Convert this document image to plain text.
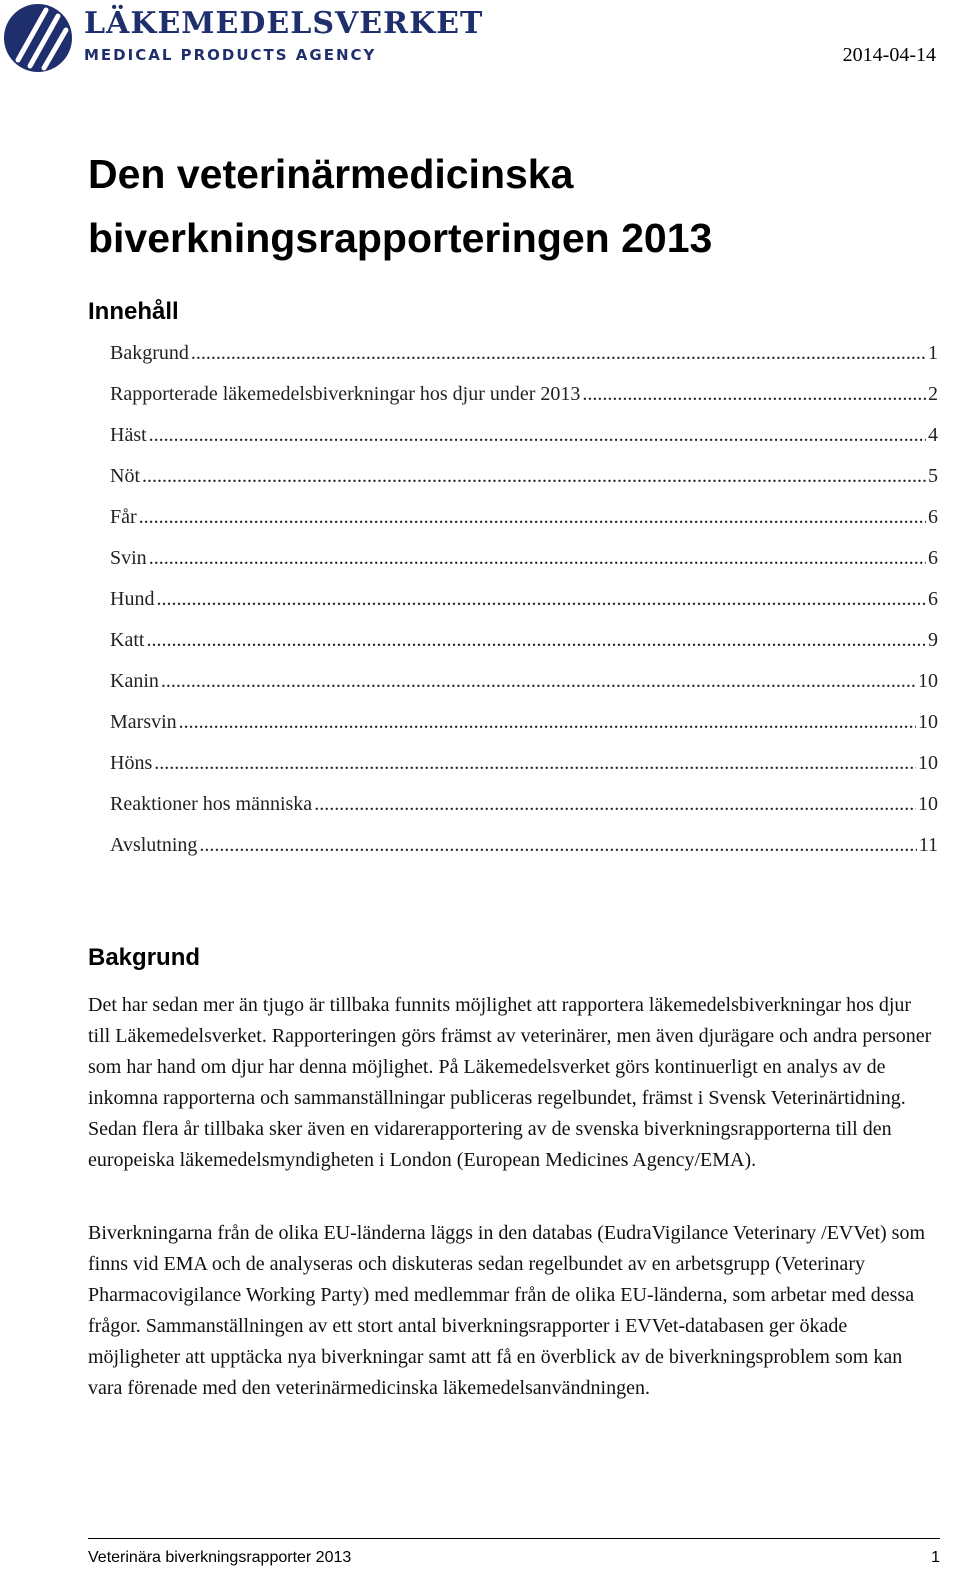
LÄKEMEDELSVERKET
MEDICAL PRODUCTS AGENCY	2014-04-14
Den veterinärmedicinska biverkningsrapporteringen 2013
Innehåll
Bakgrund .....	1
Rapporterade läkemedelsbiverkningar hos djur under 2013 .....	2
Häst .....	4
Nöt .....	5
Får .....	6
Svin .....	6
Hund .....	6
Katt .....	9
Kanin .....	10
Marsvin .....	10
Höns .....	10
Reaktioner hos människa .....	10
Avslutning .....	11
Bakgrund

Det har sedan mer än tjugo är tillbaka funnits möjlighet att rapportera läkemedelsbiverkningar hos djur till Läkemedelsverket. Rapporteringen görs främst av veterinärer, men även djurägare och andra personer som har hand om djur har denna möjlighet. På Läkemedelsverket görs kontinuerligt en analys av de inkomna rapporterna och sammanställningar publiceras regelbundet, främst i Svensk Veterinärtidning. Sedan flera år tillbaka sker även en vidarerapportering av de svenska biverkningsrapporterna till den europeiska läkemedelsmyndigheten i London (European Medicines Agency/EMA).

Biverkningarna från de olika EU-länderna läggs in den databas (EudraVigilance Veterinary /EVVet) som finns vid EMA och de analyseras och diskuteras sedan regelbundet av en arbetsgrupp (Veterinary Pharmacovigilance Working Party) med medlemmar från de olika EU-länderna, som arbetar med dessa frågor. Sammanställningen av ett stort antal biverkningsrapporter i EVVet-databasen ger ökade möjligheter att upptäcka nya biverkningar samt att få en överblick av de biverkningsproblem som kan vara förenade med den veterinärmedicinska läkemedelsanvändningen.

Veterinära biverkningsrapporter 2013	1
